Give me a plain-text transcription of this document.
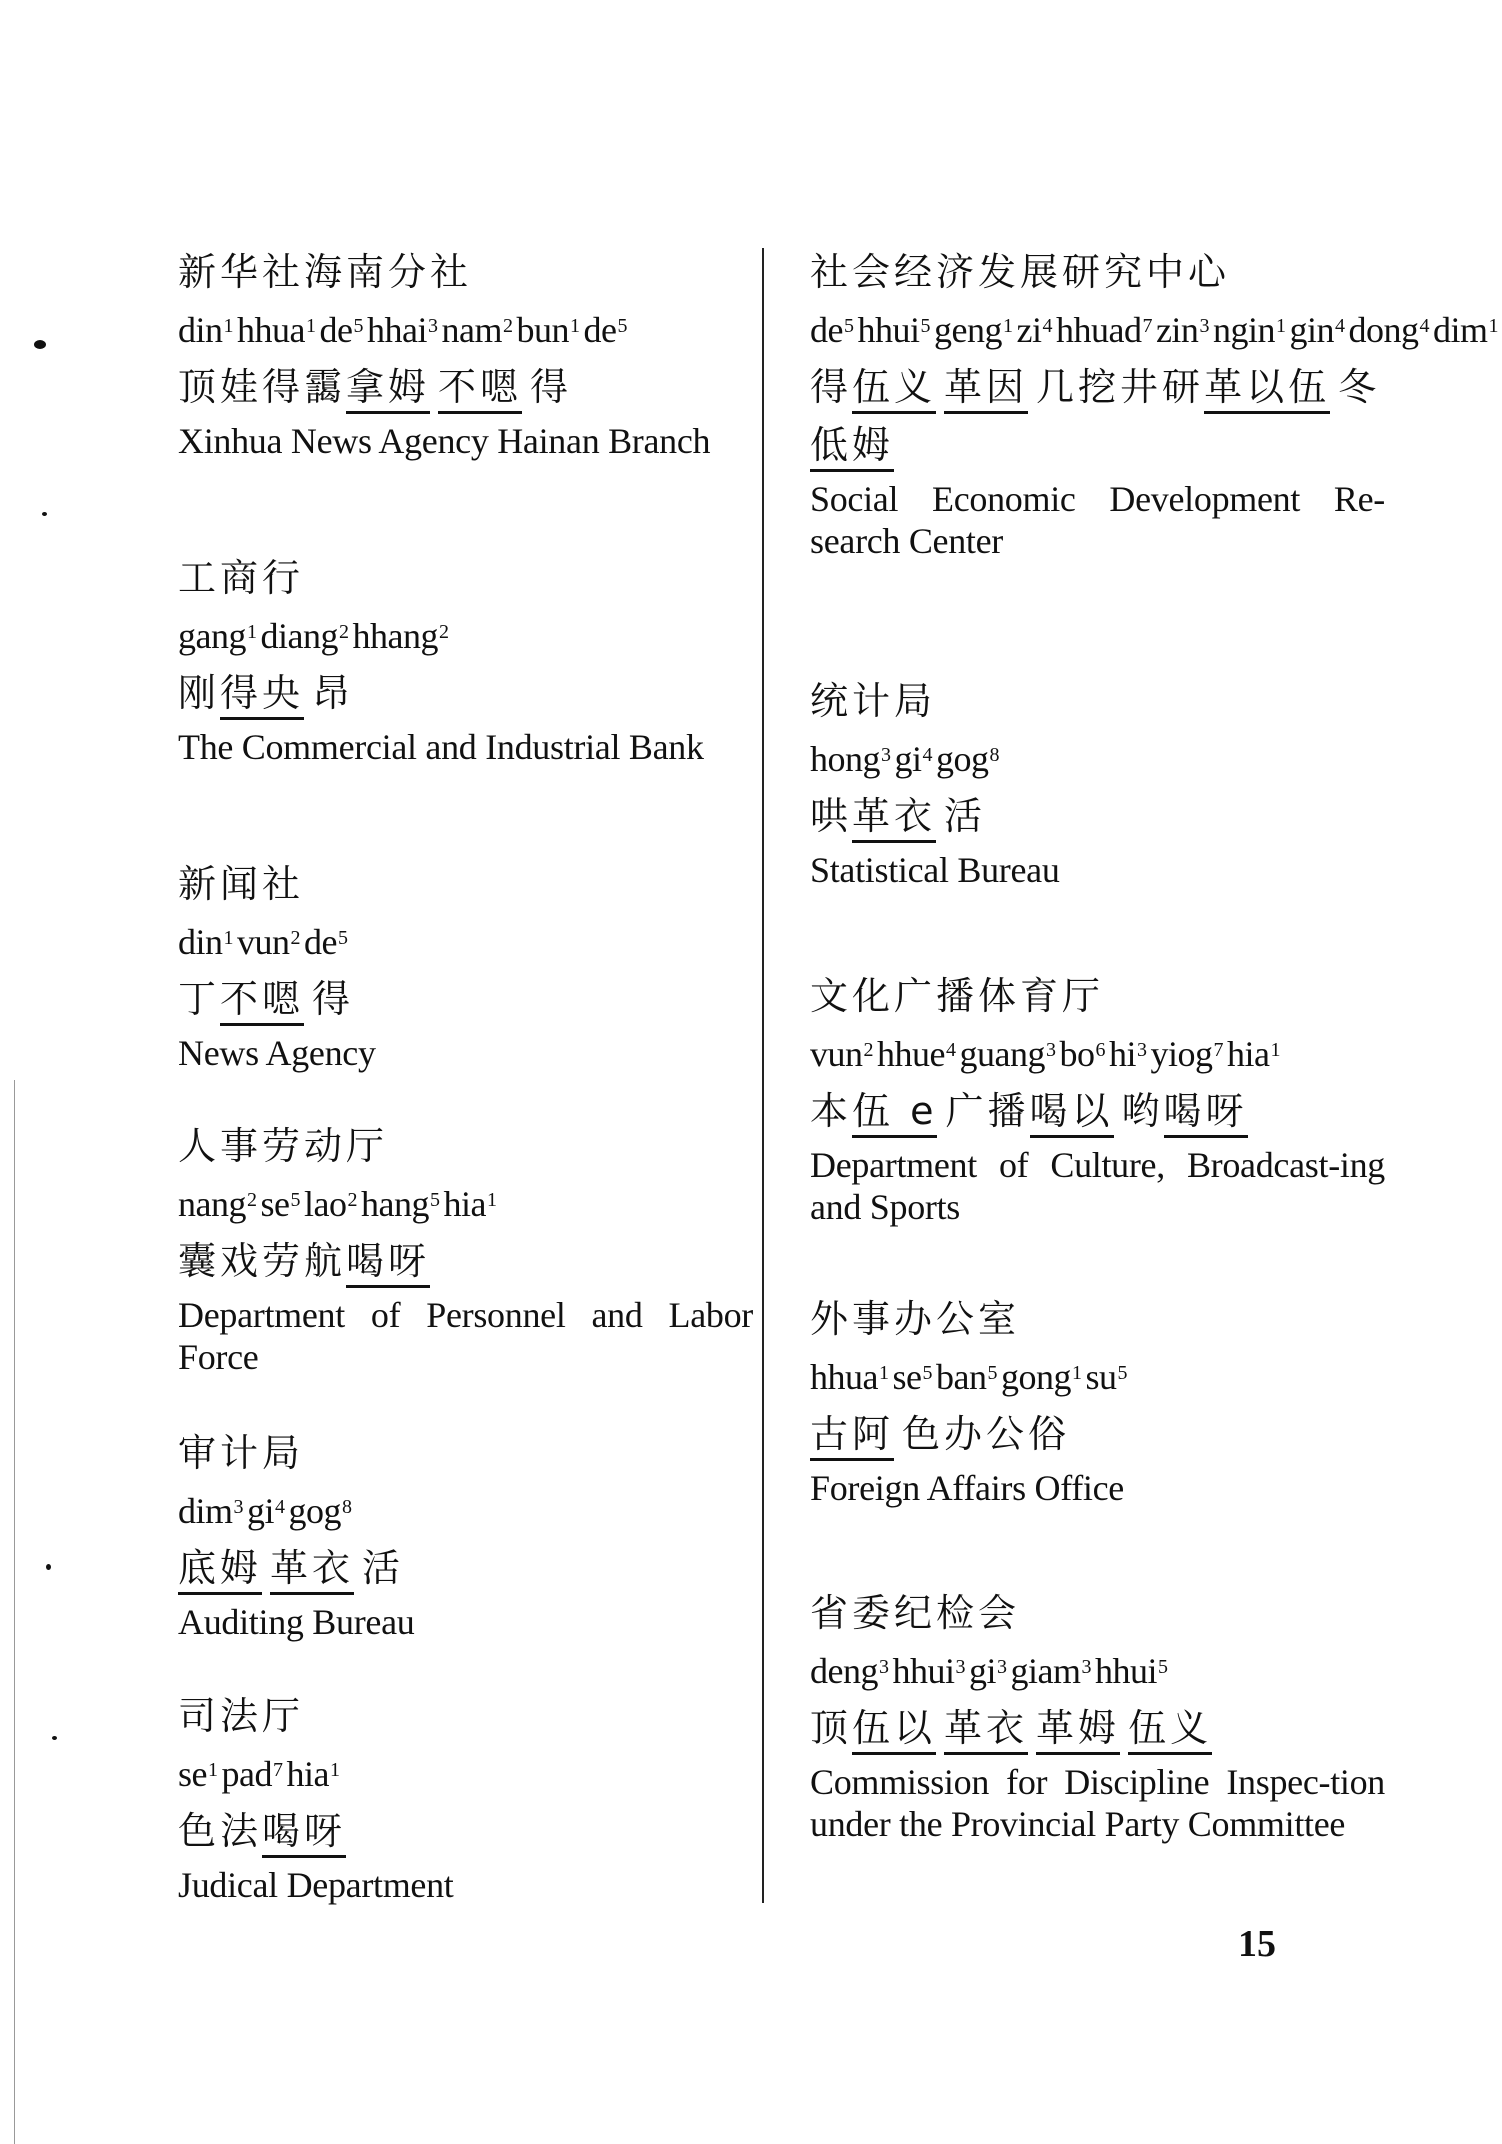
新华社海南分社
din$^1$ hhua$^1$ $de^5$ hhai$^3$ nam$^2$ bun$^1$ $de^5$
顶娃得靄拿姆 不嗯 得
Xinhua News Agency Hainan Branch
工商行
gang$^1$ diang$^2$ hhang$^2$
刚得央 昂
The Commercial and Industrial Bank
新闻社
din$^1$ vun$^2$ $de^5$
丁不嗯 得
News Agency
人事劳动厅
nang$^2$ $se^5$ lao$^2$ hang$^5$ hia$^1$
囊戏劳航喝呀
Department of Personnel and Labor Force
审计局
dim$^3$ $gi^4$ gog$^8$
底姆 革衣 活
Auditing Bureau
司法厅
$se^1$ pad$^7$ hia$^1$
色法喝呀
Judical Department
社会经济发展研究中心
$de^5$ hhui$^5$ geng$^1$ $zi^4$ hhuad$^7$ zin$^3$ ngin$^1$ gin$^4$ dong$^4$ dim$^1$
得伍义 革因 几挖井研革以伍 冬低姆
Social Economic Development Re-search Center
统计局
hong$^3$ $gi^4$ gog$^8$
哄革衣 活
Statistical Bureau
文化广播体育厅
vun$^2$ hhue$^4$ guang$^3$ $bo^6$ $hi^3$ yiog$^7$ hia$^1$
本伍 e 广播喝以 哟喝呀
Department of Culture, Broadcast-ing and Sports
外事办公室
hhua$^1$ $se^5$ ban$^5$ gong$^1$ $su^5$
古阿 色办公俗
Foreign Affairs Office
省委纪检会
deng$^3$ hhui$^3$ $gi^3$ giam$^3$ hhui$^5$
顶伍以 革衣 革姆 伍义
Commission for Discipline Inspec-tion under the Provincial Party Committee
15
